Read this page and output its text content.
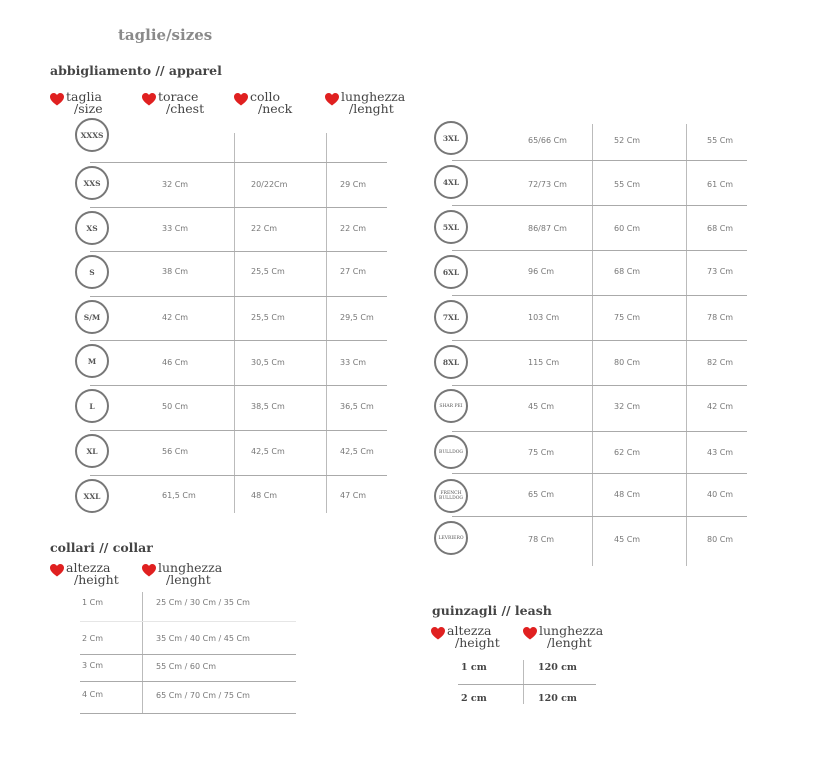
taglie/sizes
abbigliamento // apparel
taglia
/size
torace
/chest
collo
/neck
lunghezza
/lenght
XXXS
XXS	32 Cm	20/22Cm	29 Cm
XS	33 Cm	22 Cm	22 Cm
S	38 Cm	25,5 Cm	27 Cm
S/M	42 Cm	25,5 Cm	29,5 Cm
M	46 Cm	30,5 Cm	33 Cm
L	50 Cm	38,5 Cm	36,5 Cm
XL	56 Cm	42,5 Cm	42,5 Cm
XXL	61,5 Cm	48 Cm	47 Cm
3XL	65/66 Cm	52 Cm	55 Cm
4XL	72/73 Cm	55 Cm	61 Cm
5XL	86/87 Cm	60 Cm	68 Cm
6XL	96 Cm	68 Cm	73 Cm
7XL	103 Cm	75 Cm	78 Cm
8XL	115 Cm	80 Cm	82 Cm
SHAR PEI	45 Cm	32 Cm	42 Cm
BULLDOG	75 Cm	62 Cm	43 Cm
FRENCH BULLDOG	65 Cm	48 Cm	40 Cm
LEVRIERO	78 Cm	45 Cm	80 Cm
collari // collar
altezza
/height
lunghezza
/lenght
1 Cm	25 Cm / 30 Cm / 35 Cm
2 Cm	35 Cm / 40 Cm / 45 Cm
3 Cm	55 Cm / 60 Cm
4 Cm	65 Cm / 70 Cm / 75 Cm
guinzagli // leash
altezza
/height
lunghezza
/lenght
1 cm	120 cm
2 cm	120 cm
